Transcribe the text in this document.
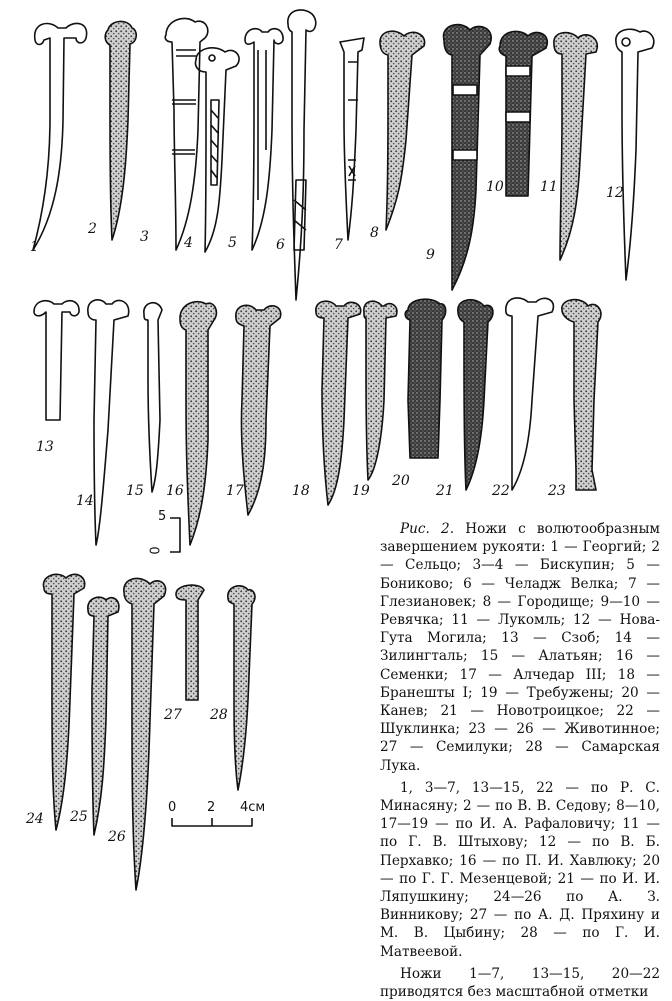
1
2	3	4	5	6	7
8
9
10	11	12
13
14
15 16	17	18	19
20
21	22	23
24 25
26
27 28
5
0
0 2 4см

Рис. 2. Ножи с волютообразным завершением рукояти: 1 — Георгий; 2 — Сельцо; 3—4 — Бискупин; 5 — Бониково; 6 — Челадж Велка; 7 — Глезиановек; 8 — Городище; 9—10 — Ревячка; 11 — Лукомль; 12 — Нова-Гута Могила; 13 — Сзоб; 14 — Зилингталь; 15 — Алатьян; 16 — Семенки; 17 — Алчедар III; 18 — Бранешты I; 19 — Требужены; 20 — Канев; 21 — Новотроицкое; 22 — Шуклинка; 23 — 26 — Животинное; 27 — Семилуки; 28 — Самарская Лука.

1, 3—7, 13—15, 22 — по Р. С. Минасяну; 2 — по В. В. Седову; 8—10, 17—19 — по И. А. Рафаловичу; 11 — по Г. В. Штыхову; 12 — по В. Б. Перхавко; 16 — по П. И. Хавлюку; 20 — по Г. Г. Мезенцевой; 21 — по И. И. Ляпушкину; 24—26 по А. З. Винникову; 27 — по А. Д. Пряхину и М. В. Цыбину; 28 — по Г. И. Матвеевой.

Ножи 1—7, 13—15, 20—22 приводятся без масштабной отметки
